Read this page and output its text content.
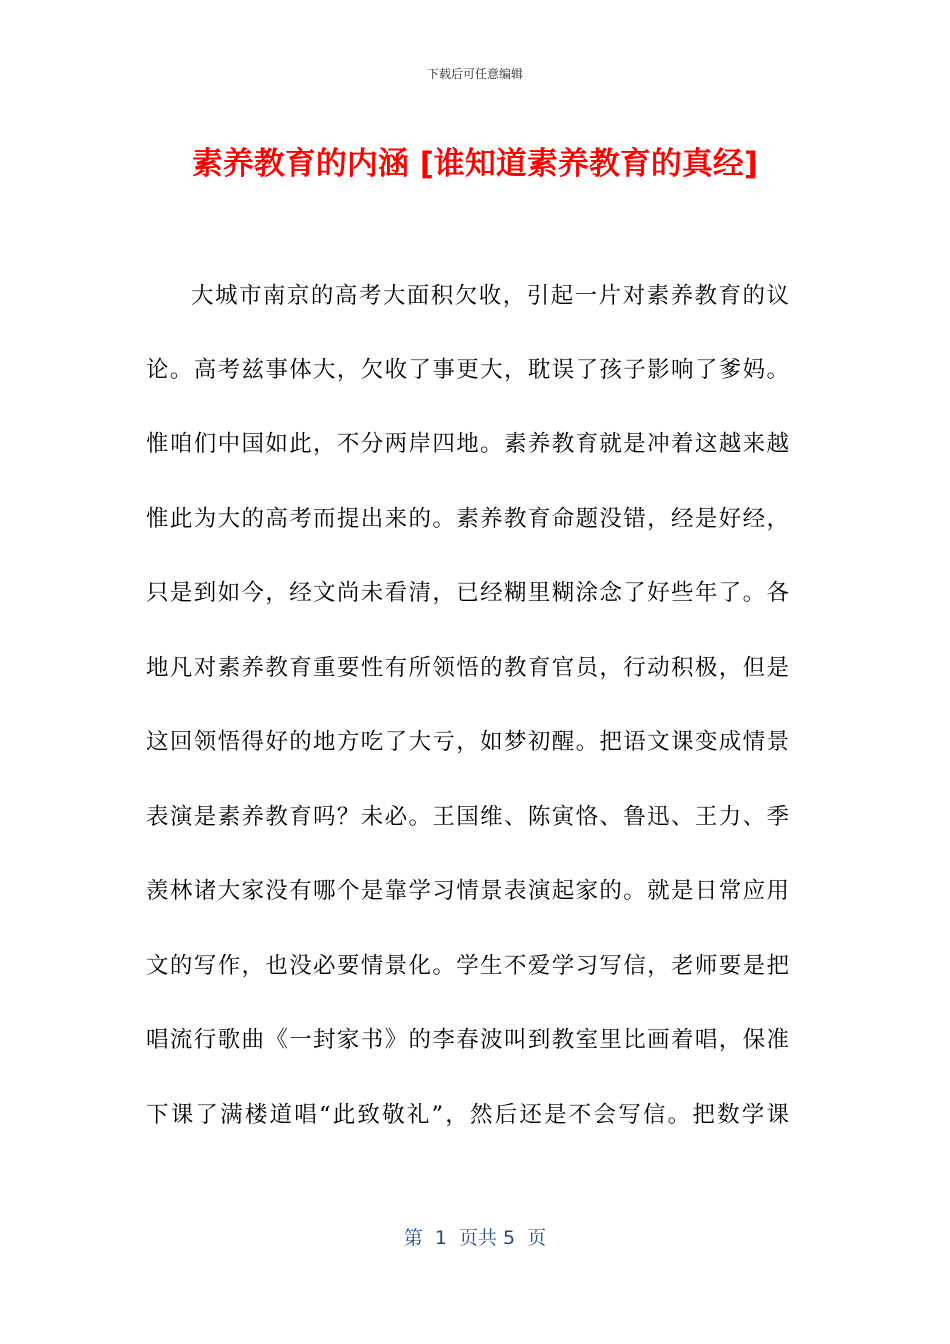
下载后可任意编辑
素养教育的内涵 [谁知道素养教育的真经]
大城市南京的高考大面积欠收，引起一片对素养教育的议
论。高考兹事体大，欠收了事更大，耽误了孩子影响了爹妈。
惟咱们中国如此，不分两岸四地。素养教育就是冲着这越来越
惟此为大的高考而提出来的。素养教育命题没错，经是好经，
只是到如今，经文尚未看清，已经糊里糊涂念了好些年了。各
地凡对素养教育重要性有所领悟的教育官员，行动积极，但是
这回领悟得好的地方吃了大亏，如梦初醒。把语文课变成情景
表演是素养教育吗？未必。王国维、陈寅恪、鲁迅、王力、季
羡林诸大家没有哪个是靠学习情景表演起家的。就是日常应用
文的写作，也没必要情景化。学生不爱学习写信，老师要是把
唱流行歌曲《一封家书》的李春波叫到教室里比画着唱，保准
下课了满楼道唱“此致敬礼”，然后还是不会写信。把数学课
第  1  页共 5  页
